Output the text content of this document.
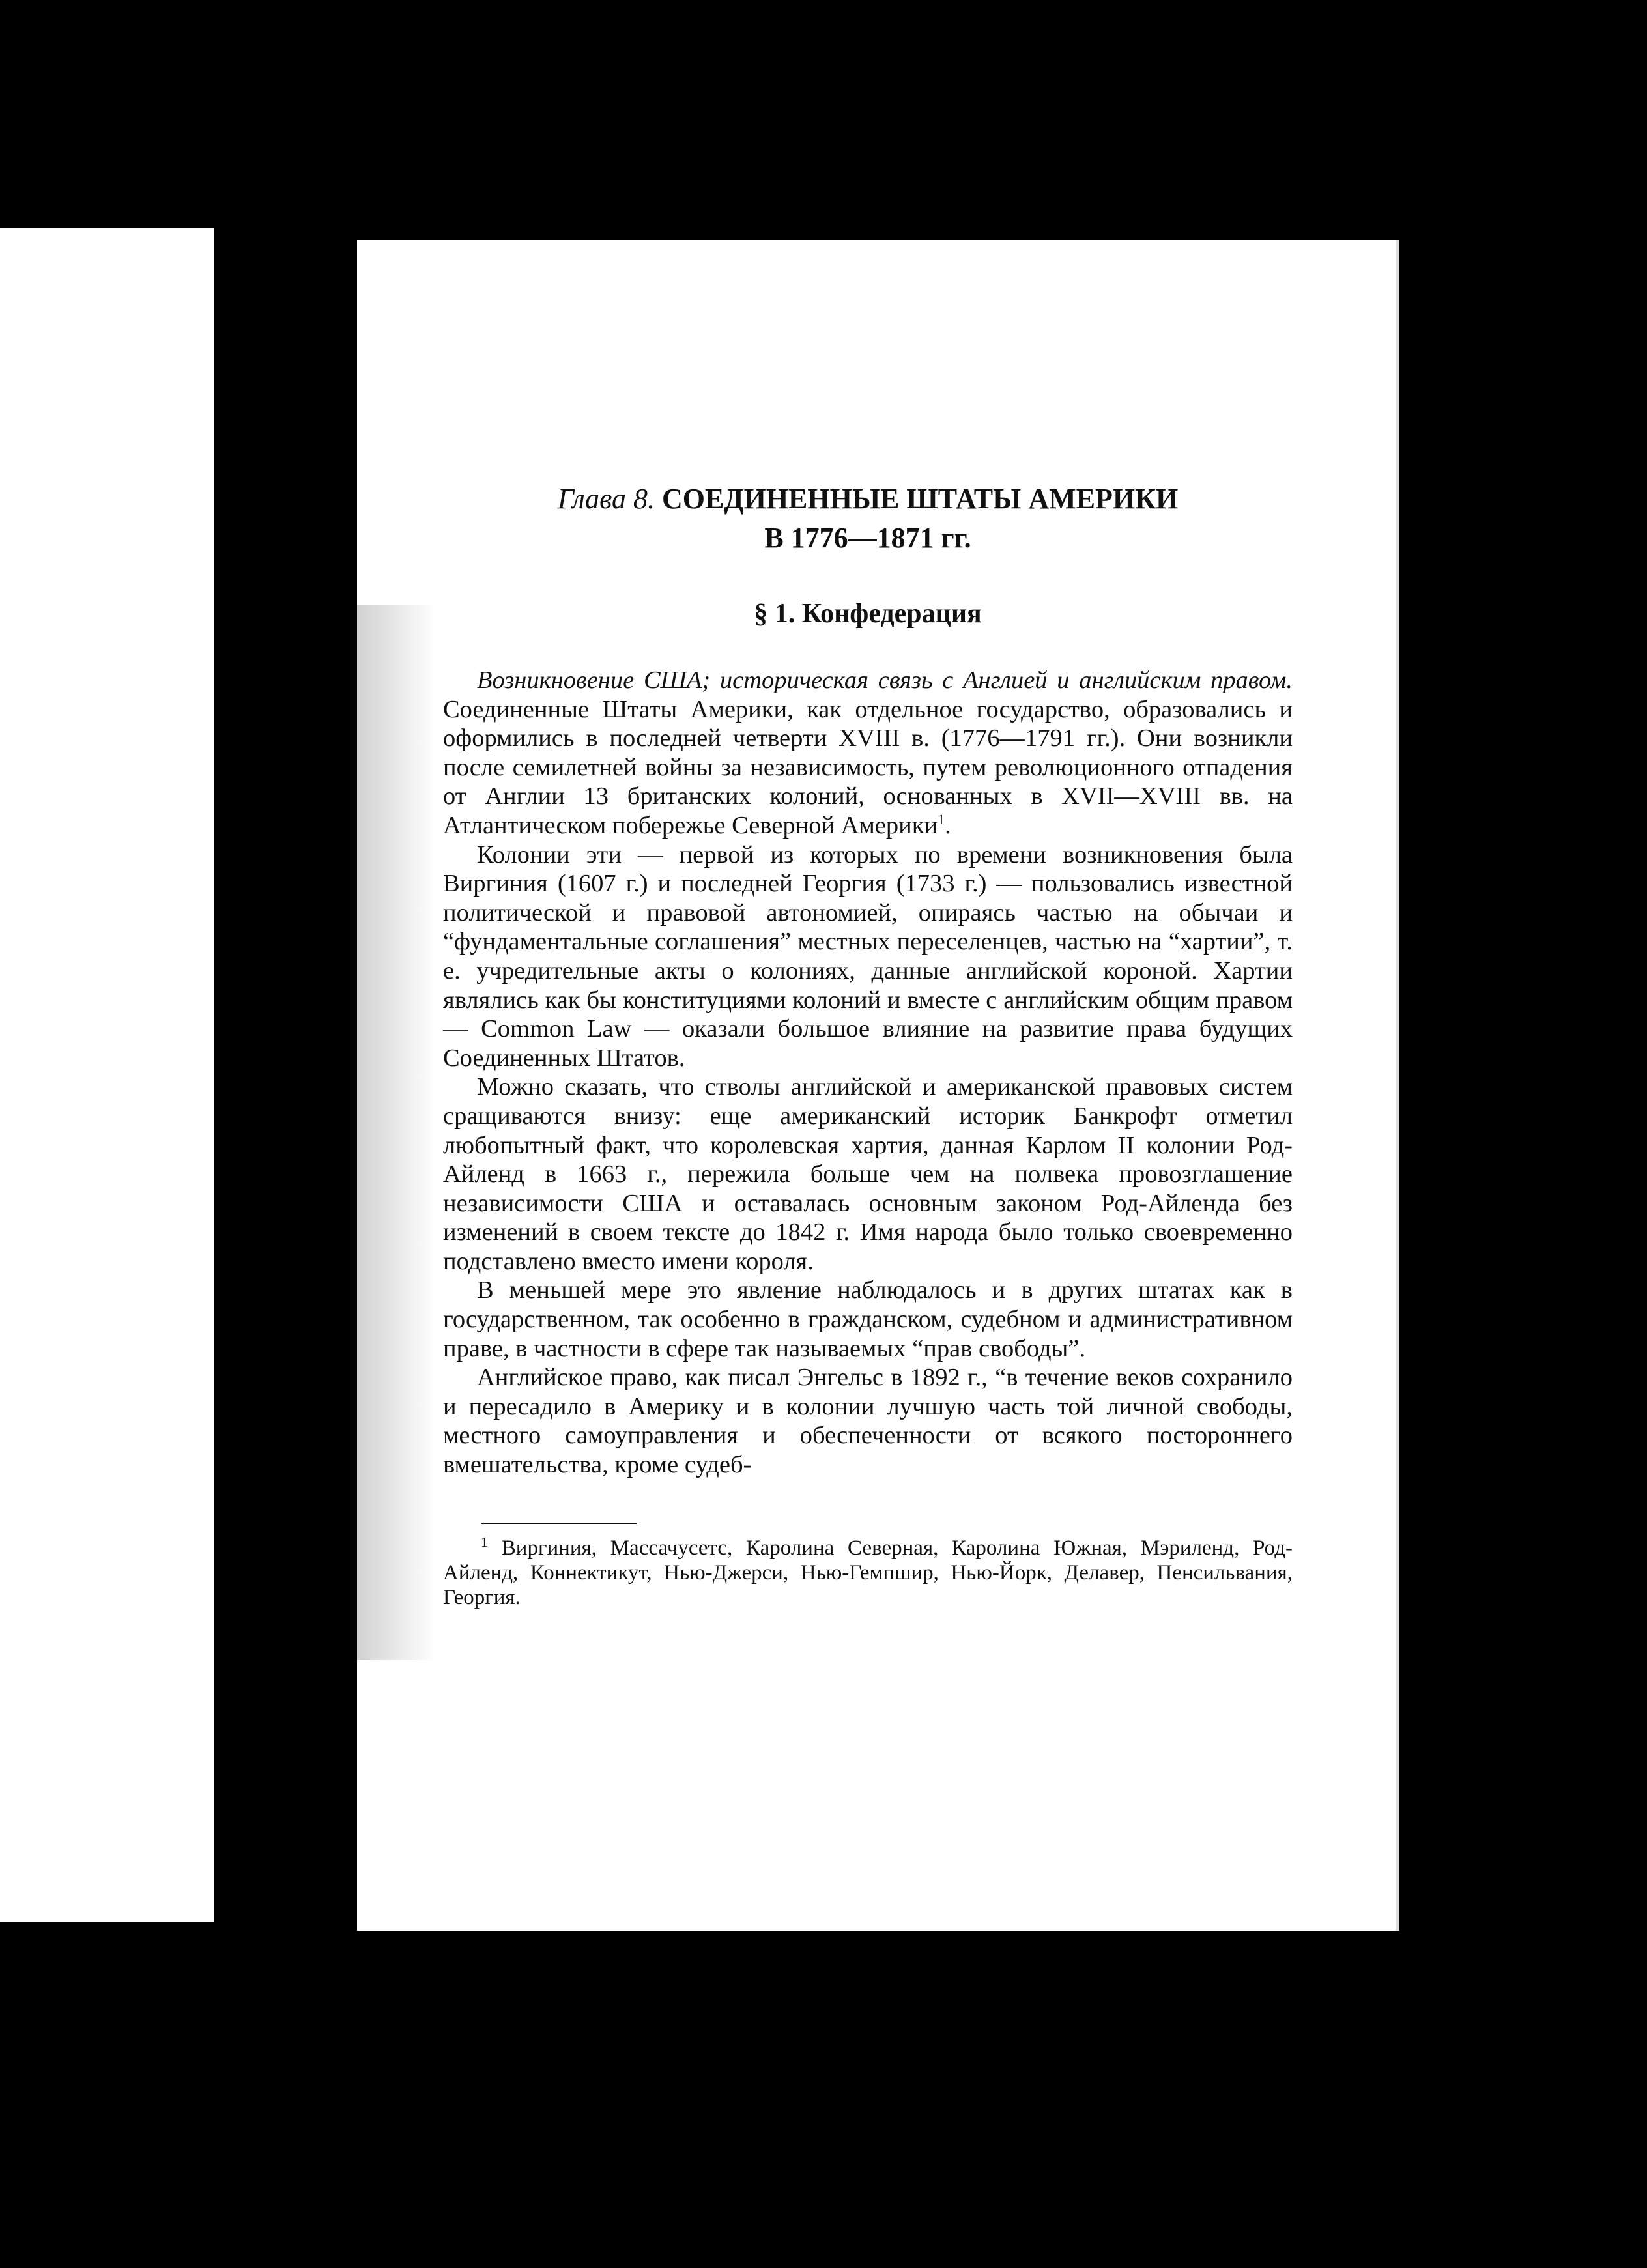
Глава 8. СОЕДИНЕННЫЕ ШТАТЫ АМЕРИКИ
В 1776—1871 гг.
§ 1. Конфедерация

Возникновение США; историческая связь с Англией и английским правом. Соединенные Штаты Америки, как отдельное государство, образовались и оформились в последней четверти XVIII в. (1776—1791 гг.). Они возникли после семилетней войны за независимость, путем революционного отпадения от Англии 13 британских колоний, основанных в XVII—XVIII вв. на Атлантическом побережье Северной Америки$^1$.

Колонии эти — первой из которых по времени возникновения была Виргиния (1607 г.) и последней Георгия (1733 г.) — пользовались известной политической и правовой автономией, опираясь частью на обычаи и “фундаментальные соглашения” местных переселенцев, частью на “хартии”, т. е. учредительные акты о колониях, данные английской короной. Хартии являлись как бы конституциями колоний и вместе с английским общим правом — Common Law — оказали большое влияние на развитие права будущих Соединенных Штатов.

Можно сказать, что стволы английской и американской правовых систем сращиваются внизу: еще американский историк Банкрофт отметил любопытный факт, что королевская хартия, данная Карлом II колонии Род-Айленд в 1663 г., пережила больше чем на полвека провозглашение независимости США и оставалась основным законом Род-Айленда без изменений в своем тексте до 1842 г. Имя народа было только своевременно подставлено вместо имени короля.

В меньшей мере это явление наблюдалось и в других штатах как в государственном, так особенно в гражданском, судебном и административном праве, в частности в сфере так называемых “прав свободы”.

Английское право, как писал Энгельс в 1892 г., “в течение веков сохранило и пересадило в Америку и в колонии лучшую часть той личной свободы, местного самоуправления и обеспеченности от всякого постороннего вмешательства, кроме судеб-

$^1$ Виргиния, Массачусетс, Каролина Северная, Каролина Южная, Мэриленд, Род-Айленд, Коннектикут, Нью-Джерси, Нью-Гемпшир, Нью-Йорк, Делавер, Пенсильвания, Георгия.
